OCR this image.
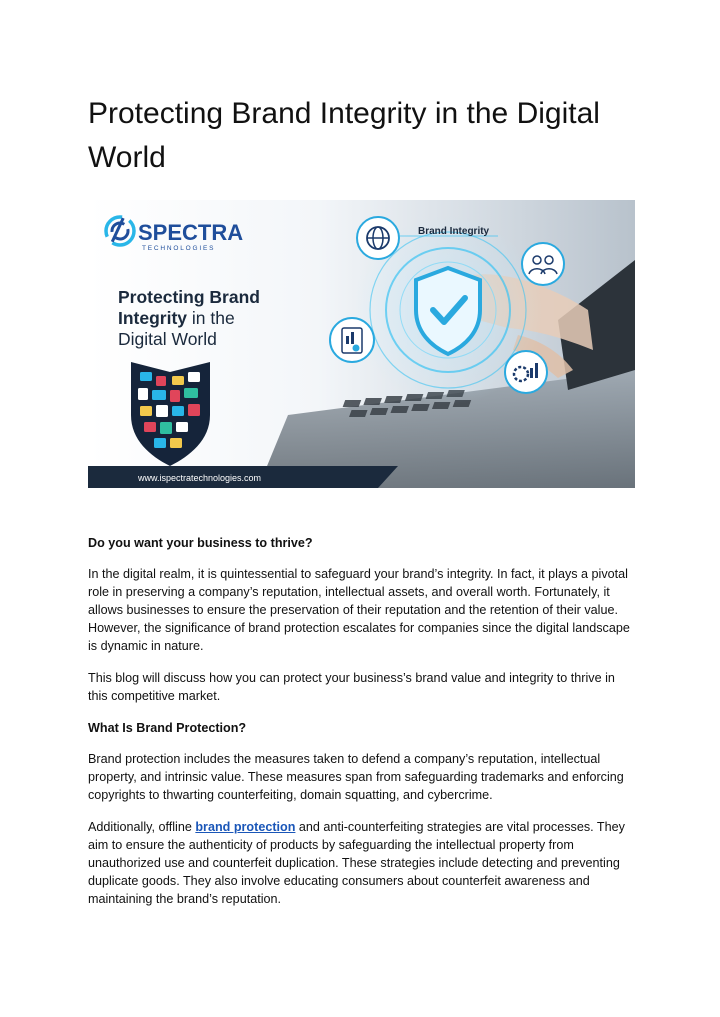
Protecting Brand Integrity in the Digital World
Brand Integrity
SPECTRA
TECHNOLOGIES
Protecting Brand
Integrity in the
Digital World
www.ispectratechnologies.com
Do you want your business to thrive?

In the digital realm, it is quintessential to safeguard your brand’s integrity. In fact, it plays a pivotal role in preserving a company’s reputation, intellectual assets, and overall worth. Fortunately, it allows businesses to ensure the preservation of their reputation and the retention of their value. However, the significance of brand protection escalates for companies since the digital landscape is dynamic in nature.

This blog will discuss how you can protect your business’s brand value and integrity to thrive in this competitive market.

What Is Brand Protection?

Brand protection includes the measures taken to defend a company’s reputation, intellectual property, and intrinsic value. These measures span from safeguarding trademarks and enforcing copyrights to thwarting counterfeiting, domain squatting, and cybercrime.

Additionally, offline brand protection and anti-counterfeiting strategies are vital processes. They aim to ensure the authenticity of products by safeguarding the intellectual property from unauthorized use and counterfeit duplication. These strategies include detecting and preventing duplicate goods. They also involve educating consumers about counterfeit awareness and maintaining the brand’s reputation.
